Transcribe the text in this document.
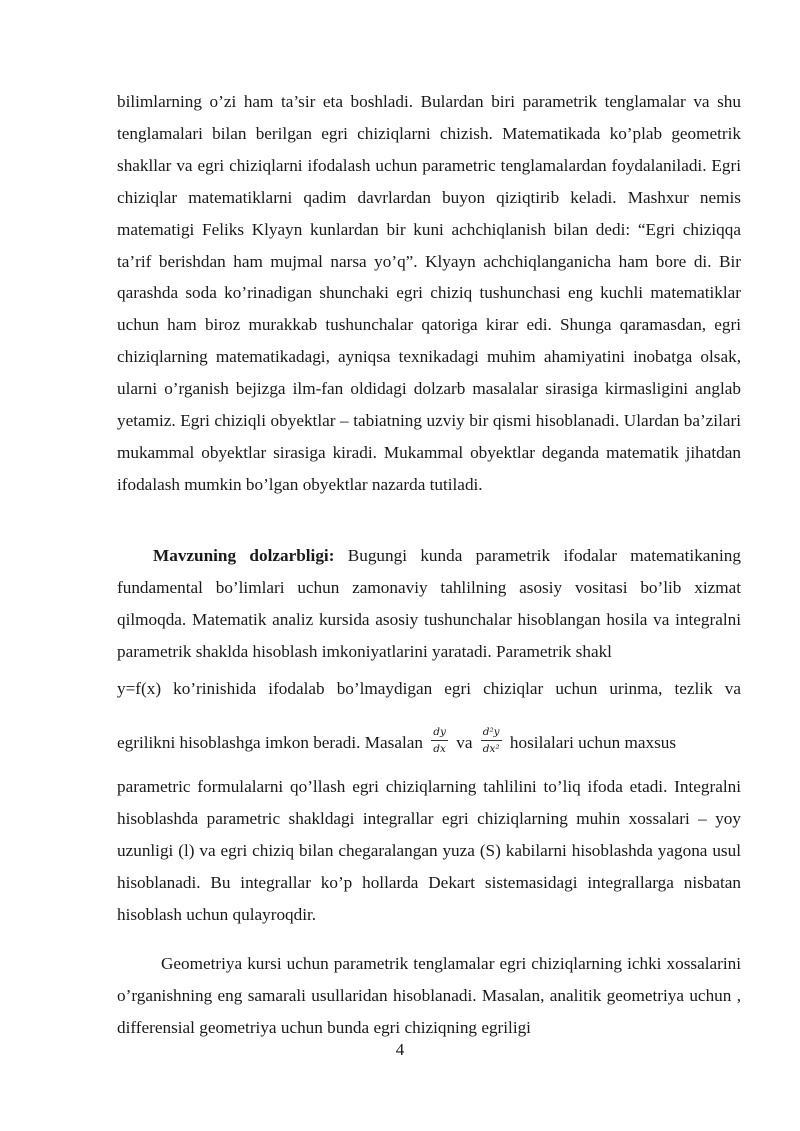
bilimlarning o’zi ham ta’sir eta boshladi. Bulardan biri parametrik tenglamalar va shu tenglamalari bilan berilgan egri chiziqlarni chizish. Matematikada ko’plab geometrik shakllar va egri chiziqlarni ifodalash uchun parametric tenglamalardan foydalaniladi. Egri chiziqlar matematiklarni qadim davrlardan buyon qiziqtirib keladi. Mashxur nemis matematigi Feliks Klyayn kunlardan bir kuni achchiqlanish bilan dedi: “Egri chiziqqa ta’rif berishdan ham mujmal narsa yo’q”. Klyayn achchiqlanganicha ham bore di. Bir qarashda soda ko’rinadigan shunchaki egri chiziq tushunchasi eng kuchli matematiklar uchun ham biroz murakkab tushunchalar qatoriga kirar edi. Shunga qaramasdan, egri chiziqlarning matematikadagi, ayniqsa texnikadagi muhim ahamiyatini inobatga olsak, ularni o’rganish bejizga ilm-fan oldidagi dolzarb masalalar sirasiga kirmasligini anglab yetamiz. Egri chiziqli obyektlar – tabiatning uzviy bir qismi hisoblanadi. Ulardan ba’zilari mukammal obyektlar sirasiga kiradi. Mukammal obyektlar deganda matematik jihatdan ifodalash mumkin bo’lgan obyektlar nazarda tutiladi.

Mavzuning dolzarbligi: Bugungi kunda parametrik ifodalar matematikaning fundamental bo’limlari uchun zamonaviy tahlilning asosiy vositasi bo’lib xizmat qilmoqda. Matematik analiz kursida asosiy tushunchalar hisoblangan hosila va integralni parametrik shaklda hisoblash imkoniyatlarini yaratadi. Parametrik shakl

y=f(x) ko’rinishida ifodalab bo’lmaydigan egri chiziqlar uchun urinma, tezlik va

egrilikni hisoblashga imkon beradi. Masalan $\frac{dy}{dx}$ va $\frac{\text{d²y}}{\text{dx²}}$ hosilalari uchun maxsus

parametric formulalarni qo’llash egri chiziqlarning tahlilini to’liq ifoda etadi. Integralni hisoblashda parametric shakldagi integrallar egri chiziqlarning muhin xossalari – yoy uzunligi (l) va egri chiziq bilan chegaralangan yuza (S) kabilarni hisoblashda yagona usul hisoblanadi. Bu integrallar ko’p hollarda Dekart sistemasidagi integrallarga nisbatan hisoblash uchun qulayroqdir.

Geometriya kursi uchun parametrik tenglamalar egri chiziqlarning ichki xossalarini o’rganishning eng samarali usullaridan hisoblanadi. Masalan, analitik geometriya uchun , differensial geometriya uchun bunda egri chiziqning egriligi

4
